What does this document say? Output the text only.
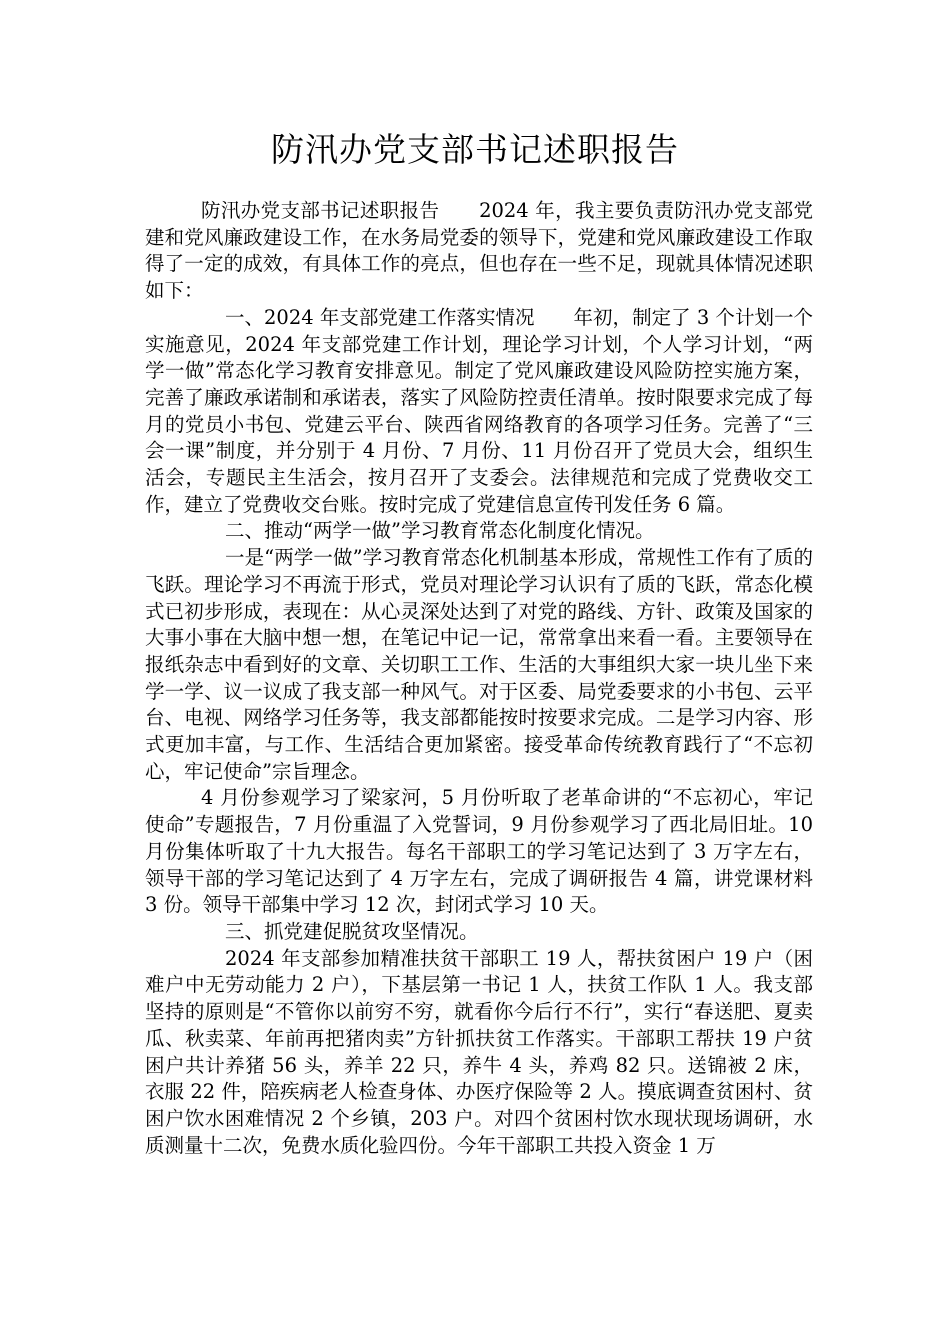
防汛办党支部书记述职报告

防汛办党支部书记述职报告　　2024 年，我主要负责防汛办党支部党建和党风廉政建设工作，在水务局党委的领导下，党建和党风廉政建设工作取得了一定的成效，有具体工作的亮点，但也存在一些不足，现就具体情况述职如下：

一、2024 年支部党建工作落实情况　　年初，制定了 3 个计划一个实施意见，2024 年支部党建工作计划，理论学习计划，个人学习计划，“两学一做”常态化学习教育安排意见。制定了党风廉政建设风险防控实施方案，完善了廉政承诺制和承诺表，落实了风险防控责任清单。按时限要求完成了每月的党员小书包、党建云平台、陕西省网络教育的各项学习任务。完善了“三会一课”制度，并分别于 4 月份、7 月份、11 月份召开了党员大会，组织生活会，专题民主生活会，按月召开了支委会。法律规范和完成了党费收交工作，建立了党费收交台账。按时完成了党建信息宣传刊发任务 6 篇。

二、推动“两学一做”学习教育常态化制度化情况。

一是“两学一做”学习教育常态化机制基本形成，常规性工作有了质的飞跃。理论学习不再流于形式，党员对理论学习认识有了质的飞跃，常态化模式已初步形成，表现在：从心灵深处达到了对党的路线、方针、政策及国家的大事小事在大脑中想一想，在笔记中记一记，常常拿出来看一看。主要领导在报纸杂志中看到好的文章、关切职工工作、生活的大事组织大家一块儿坐下来学一学、议一议成了我支部一种风气。对于区委、局党委要求的小书包、云平台、电视、网络学习任务等，我支部都能按时按要求完成。二是学习内容、形式更加丰富，与工作、生活结合更加紧密。接受革命传统教育践行了“不忘初心，牢记使命”宗旨理念。

4 月份参观学习了梁家河，5 月份听取了老革命讲的“不忘初心，牢记使命”专题报告，7 月份重温了入党誓词，9 月份参观学习了西北局旧址。10 月份集体听取了十九大报告。每名干部职工的学习笔记达到了 3 万字左右，领导干部的学习笔记达到了 4 万字左右，完成了调研报告 4 篇，讲党课材料 3 份。领导干部集中学习 12 次，封闭式学习 10 天。

三、抓党建促脱贫攻坚情况。

2024 年支部参加精准扶贫干部职工 19 人，帮扶贫困户 19 户（困难户中无劳动能力 2 户），下基层第一书记 1 人，扶贫工作队 1 人。我支部坚持的原则是“不管你以前穷不穷，就看你今后行不行”，实行“春送肥、夏卖瓜、秋卖菜、年前再把猪肉卖”方针抓扶贫工作落实。干部职工帮扶 19 户贫困户共计养猪 56 头，养羊 22 只，养牛 4 头，养鸡 82 只。送锦被 2 床，衣服 22 件，陪疾病老人检查身体、办医疗保险等 2 人。摸底调查贫困村、贫困户饮水困难情况 2 个乡镇，203 户。对四个贫困村饮水现状现场调研，水质测量十二次，免费水质化验四份。今年干部职工共投入资金 1 万
